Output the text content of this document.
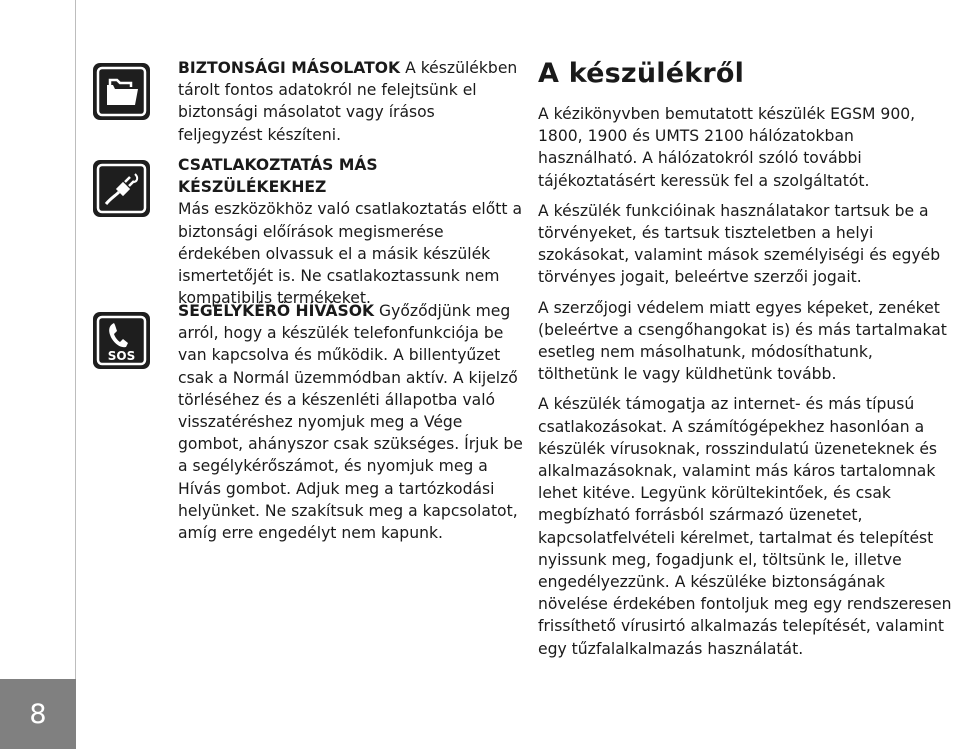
8
SOS

BIZTONSÁGI MÁSOLATOK A készülékben tárolt fontos adatokról ne felejtsünk el biztonsági másolatot vagy írásos feljegyzést készíteni.

CSATLAKOZTATÁS MÁS KÉSZÜLÉKEKHEZ

Más eszközökhöz való csatlakoztatás előtt a biztonsági előírások megismerése érdekében olvassuk el a másik készülék ismertetőjét is. Ne csatlakoztassunk nem kompatibilis termékeket.

SEGÉLYKÉRŐ HÍVÁSOK Győződjünk meg arról, hogy a készülék telefonfunkciója be van kapcsolva és működik. A billentyűzet csak a Normál üzemmódban aktív. A kijelző törléséhez és a készenléti állapotba való visszatéréshez nyomjuk meg a Vége gombot, ahányszor csak szükséges. Írjuk be a segélykérőszámot, és nyomjuk meg a Hívás gombot. Adjuk meg a tartózkodási helyünket. Ne szakítsuk meg a kapcsolatot, amíg erre engedélyt nem kapunk.

A készülékről

A kézikönyvben bemutatott készülék EGSM 900, 1800, 1900 és UMTS 2100 hálózatokban használható. A hálózatokról szóló további tájékoztatásért keressük fel a szolgáltatót.

A készülék funkcióinak használatakor tartsuk be a törvényeket, és tartsuk tiszteletben a helyi szokásokat, valamint mások személyiségi és egyéb törvényes jogait, beleértve szerzői jogait.

A szerzőjogi védelem miatt egyes képeket, zenéket (beleértve a csengőhangokat is) és más tartalmakat esetleg nem másolhatunk, módosíthatunk, tölthetünk le vagy küldhetünk tovább.

A készülék támogatja az internet- és más típusú csatlakozásokat. A számítógépekhez hasonlóan a készülék vírusoknak, rosszindulatú üzeneteknek és alkalmazásoknak, valamint más káros tartalomnak lehet kitéve. Legyünk körültekintőek, és csak megbízható forrásból származó üzenetet, kapcsolatfelvételi kérelmet, tartalmat és telepítést nyissunk meg, fogadjunk el, töltsünk le, illetve engedélyezzünk. A készüléke biztonságának növelése érdekében fontoljuk meg egy rendszeresen frissíthető vírusirtó alkalmazás telepítését, valamint egy tűzfalalkalmazás használatát.
